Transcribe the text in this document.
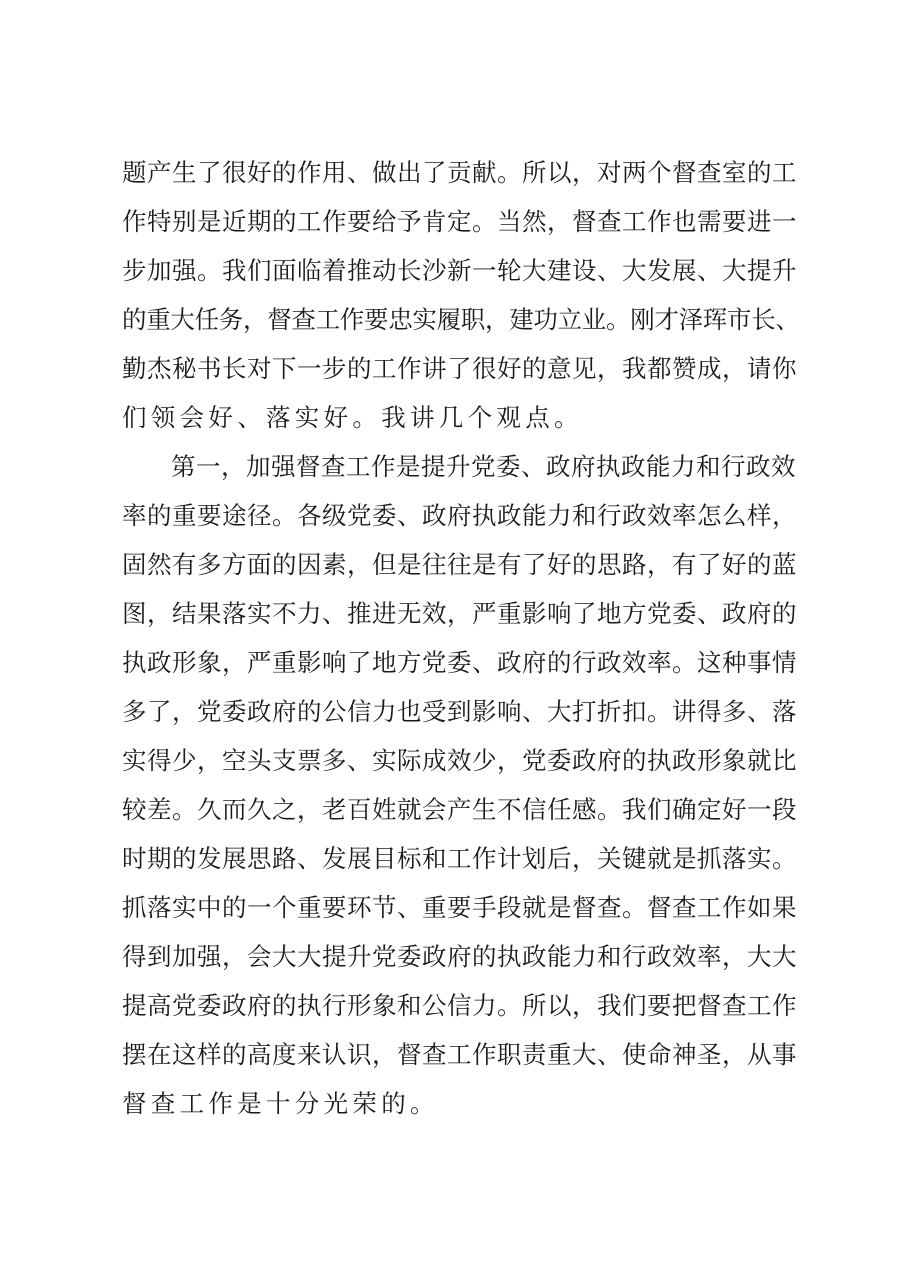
题产生了很好的作用、做出了贡献。所以，对两个督查室的工
作特别是近期的工作要给予肯定。当然，督查工作也需要进一
步加强。我们面临着推动长沙新一轮大建设、大发展、大提升
的重大任务，督查工作要忠实履职，建功立业。刚才泽珲市长、
勤杰秘书长对下一步的工作讲了很好的意见，我都赞成，请你
们领会好、落实好。我讲几个观点。
第一，加强督查工作是提升党委、政府执政能力和行政效
率的重要途径。各级党委、政府执政能力和行政效率怎么样，
固然有多方面的因素，但是往往是有了好的思路，有了好的蓝
图，结果落实不力、推进无效，严重影响了地方党委、政府的
执政形象，严重影响了地方党委、政府的行政效率。这种事情
多了，党委政府的公信力也受到影响、大打折扣。讲得多、落
实得少，空头支票多、实际成效少，党委政府的执政形象就比
较差。久而久之，老百姓就会产生不信任感。我们确定好一段
时期的发展思路、发展目标和工作计划后，关键就是抓落实。
抓落实中的一个重要环节、重要手段就是督查。督查工作如果
得到加强，会大大提升党委政府的执政能力和行政效率，大大
提高党委政府的执行形象和公信力。所以，我们要把督查工作
摆在这样的高度来认识，督查工作职责重大、使命神圣，从事
督查工作是十分光荣的。
